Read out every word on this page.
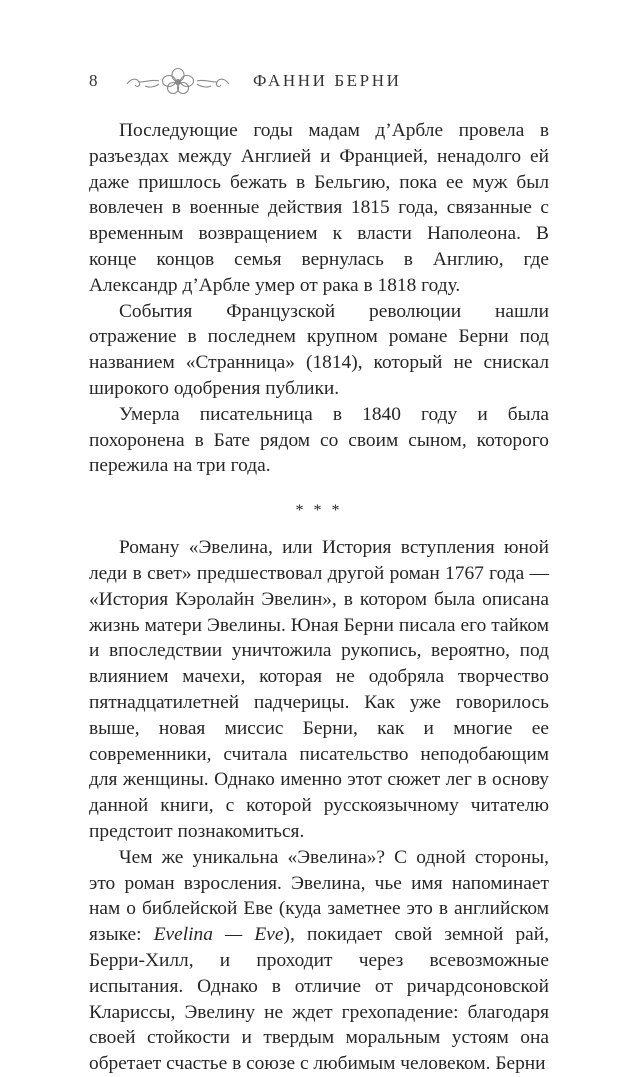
8	ФАННИ БЕРНИ

Последующие годы мадам д’Арбле провела в разъездах между Англией и Францией, ненадолго ей даже пришлось бежать в Бельгию, пока ее муж был вовлечен в военные действия 1815 года, связанные с временным возвращением к власти Наполеона. В конце концов семья вернулась в Англию, где Александр д’Арбле умер от рака в 1818 году.

События Французской революции нашли отражение в последнем крупном романе Берни под названием «Странница» (1814), который не снискал широкого одобрения публики.

Умерла писательница в 1840 году и была похоронена в Бате рядом со своим сыном, которого пережила на три года.

* * *

Роману «Эвелина, или История вступления юной леди в свет» предшествовал другой роман 1767 года — «История Кэролайн Эвелин», в котором была описана жизнь матери Эвелины. Юная Берни писала его тайком и впоследствии уничтожила рукопись, вероятно, под влиянием мачехи, которая не одобряла творчество пятнадцатилетней падчерицы. Как уже говорилось выше, новая миссис Берни, как и многие ее современники, считала писательство неподобающим для женщины. Однако именно этот сюжет лег в основу данной книги, с которой русскоязычному читателю предстоит познакомиться.

Чем же уникальна «Эвелина»? С одной стороны, это роман взросления. Эвелина, чье имя напоминает нам о библейской Еве (куда заметнее это в английском языке: Evelina — Eve), покидает свой земной рай, Берри-Хилл, и проходит через всевозможные испытания. Однако в отличие от ричардсоновской Клариссы, Эвелину не ждет грехопадение: благодаря своей стойкости и твердым моральным устоям она обретает счастье в союзе с любимым человеком. Берни
